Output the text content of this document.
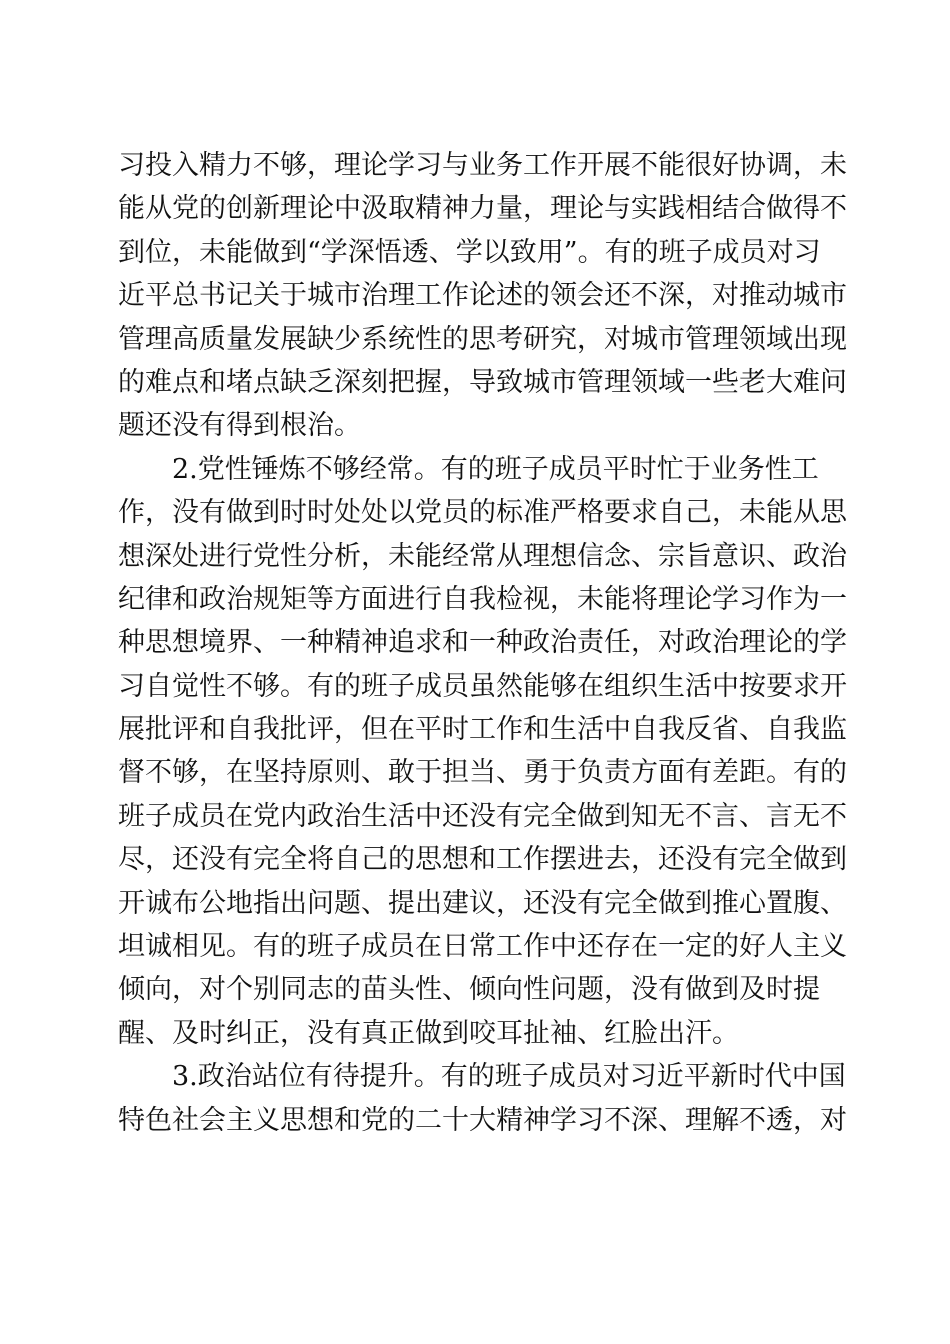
习投入精力不够，理论学习与业务工作开展不能很好协调，未
能从党的创新理论中汲取精神力量，理论与实践相结合做得不
到位，未能做到“学深悟透、学以致用”。有的班子成员对习
近平总书记关于城市治理工作论述的领会还不深，对推动城市
管理高质量发展缺少系统性的思考研究，对城市管理领域出现
的难点和堵点缺乏深刻把握，导致城市管理领域一些老大难问
题还没有得到根治。
2.党性锤炼不够经常。有的班子成员平时忙于业务性工
作，没有做到时时处处以党员的标准严格要求自己，未能从思
想深处进行党性分析，未能经常从理想信念、宗旨意识、政治
纪律和政治规矩等方面进行自我检视，未能将理论学习作为一
种思想境界、一种精神追求和一种政治责任，对政治理论的学
习自觉性不够。有的班子成员虽然能够在组织生活中按要求开
展批评和自我批评，但在平时工作和生活中自我反省、自我监
督不够，在坚持原则、敢于担当、勇于负责方面有差距。有的
班子成员在党内政治生活中还没有完全做到知无不言、言无不
尽，还没有完全将自己的思想和工作摆进去，还没有完全做到
开诚布公地指出问题、提出建议，还没有完全做到推心置腹、
坦诚相见。有的班子成员在日常工作中还存在一定的好人主义
倾向，对个别同志的苗头性、倾向性问题，没有做到及时提
醒、及时纠正，没有真正做到咬耳扯袖、红脸出汗。
3.政治站位有待提升。有的班子成员对习近平新时代中国
特色社会主义思想和党的二十大精神学习不深、理解不透，对
